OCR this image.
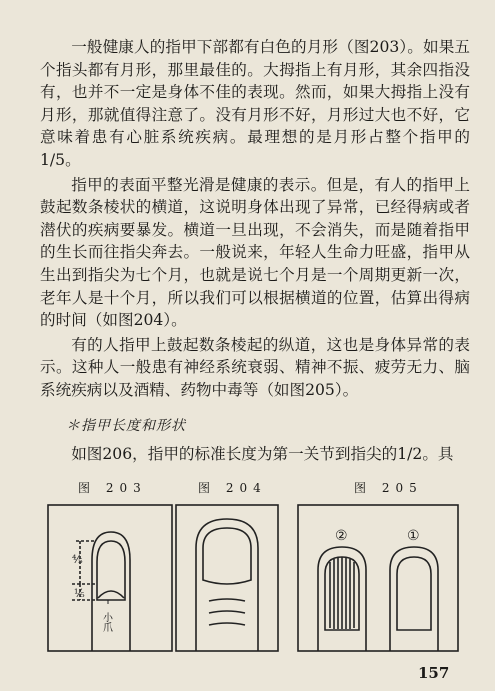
一般健康人的指甲下部都有白色的月形（图203）。如果五个指头都有月形，那里最佳的。大拇指上有月形，其余四指没有，也并不一定是身体不佳的表现。然而，如果大拇指上没有月形，那就值得注意了。没有月形不好，月形过大也不好，它意味着患有心脏系统疾病。最理想的是月形占整个指甲的1/5。

指甲的表面平整光滑是健康的表示。但是，有人的指甲上鼓起数条棱状的横道，这说明身体出现了异常，已经得病或者潜伏的疾病要暴发。横道一旦出现，不会消失，而是随着指甲的生长而往指尖奔去。一般说来，年轻人生命力旺盛，指甲从生出到指尖为七个月，也就是说七个月是一个周期更新一次，老年人是十个月，所以我们可以根据横道的位置，估算出得病的时间（如图204）。

有的人指甲上鼓起数条棱起的纵道，这也是身体异常的表示。这种人一般患有神经系统衰弱、精神不振、疲劳无力、脑系统疾病以及酒精、药物中毒等（如图205）。

＊指甲长度和形状
如图206，指甲的标准长度为第一关节到指尖的1/2。具
图 203	图 204	图 205
⅘
⅕
小爪
②	①
157
